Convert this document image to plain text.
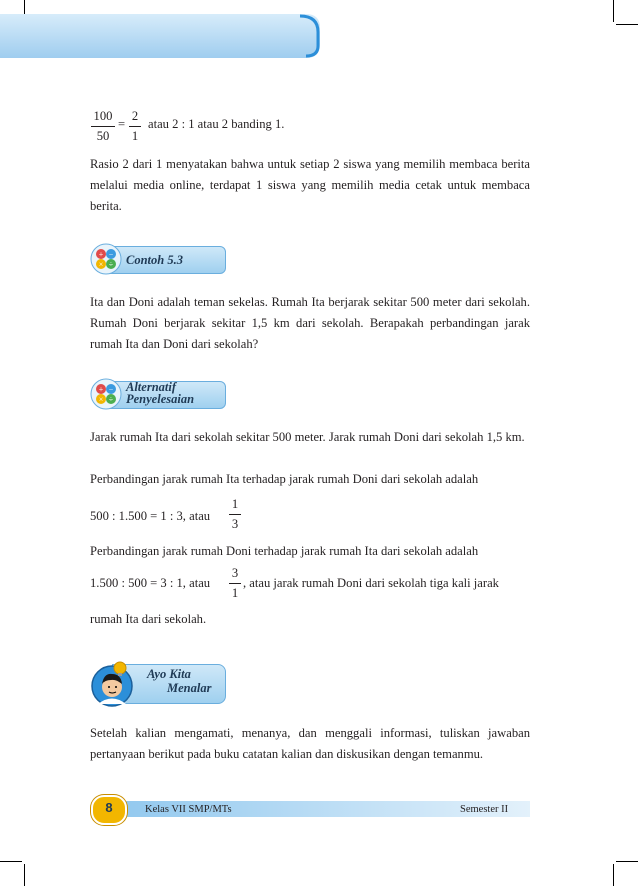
100
50
=
2
1
atau 2 : 1 atau 2 banding 1.

Rasio 2 dari 1 menyatakan bahwa untuk setiap 2 siswa yang memilih membaca berita melalui media online, terdapat 1 siswa yang memilih media cetak untuk membaca berita.

+ −
× ÷ Contoh 5.3

Ita dan Doni adalah teman sekelas. Rumah Ita berjarak sekitar 500 meter dari sekolah. Rumah Doni berjarak sekitar 1,5 km dari sekolah. Berapakah perbandingan jarak rumah Ita dan Doni dari sekolah?

+ −
× ÷
Alternatif
Penyelesaian

Jarak rumah Ita dari sekolah sekitar 500 meter. Jarak rumah Doni dari sekolah 1,5 km.

Perbandingan jarak rumah Ita terhadap jarak rumah Doni dari sekolah adalah

500 : 1.500 = 1 : 3, atau
1
3

Perbandingan jarak rumah Doni terhadap jarak rumah Ita dari sekolah adalah

1.500 : 500 = 3 : 1, atau
3
1
, atau jarak rumah Doni dari sekolah tiga kali jarak

rumah Ita dari sekolah.

Ayo Kita
Menalar

Setelah kalian mengamati, menanya, dan menggali informasi, tuliskan jawaban pertanyaan berikut pada buku catatan kalian dan diskusikan dengan temanmu.

8	Kelas VII SMP/MTs	Semester II
